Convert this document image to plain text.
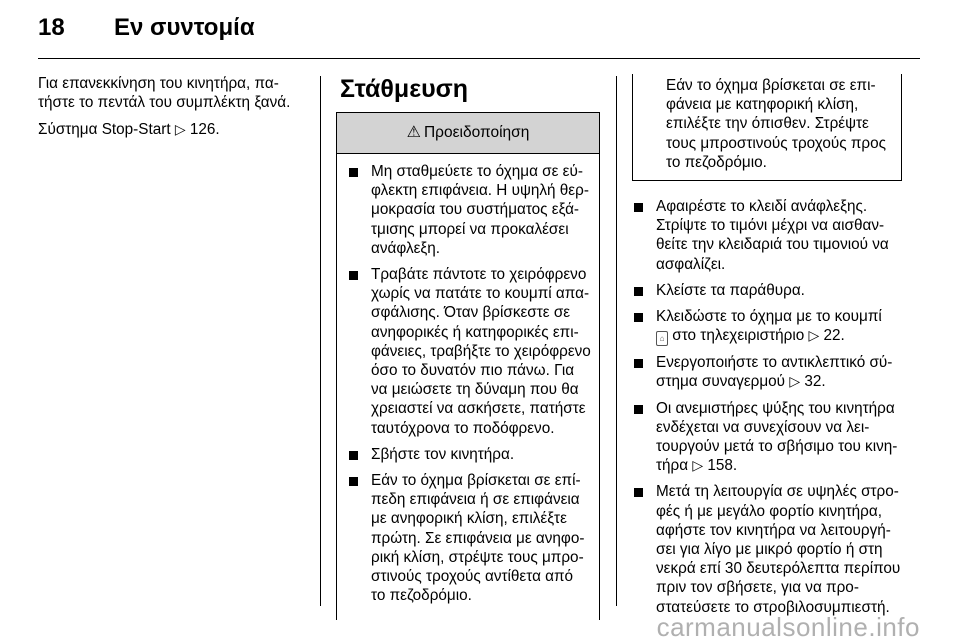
18	Εν συντομία

Για επανεκκίνηση του κινητήρα, πατήστε το πεντάλ του συμπλέκτη ξανά.

Σύστημα Stop-Start ▷ 126.

Στάθμευση
⚠ Προειδοποίηση
Μη σταθμεύετε το όχημα σε εύφλεκτη επιφάνεια. Η υψηλή θερμοκρασία του συστήματος εξάτμισης μπορεί να προκαλέσει ανάφλεξη.
Τραβάτε πάντοτε το χειρόφρενο χωρίς να πατάτε το κουμπί απασφάλισης. Όταν βρίσκεστε σε ανηφορικές ή κατηφορικές επιφάνειες, τραβήξτε το χειρόφρενο όσο το δυνατόν πιο πάνω. Για να μειώσετε τη δύναμη που θα χρειαστεί να ασκήσετε, πατήστε ταυτόχρονα το ποδόφρενο.
Σβήστε τον κινητήρα.
Εάν το όχημα βρίσκεται σε επίπεδη επιφάνεια ή σε επιφάνεια με ανηφορική κλίση, επιλέξτε πρώτη. Σε επιφάνεια με ανηφορική κλίση, στρέψτε τους μπροστινούς τροχούς αντίθετα από το πεζοδρόμιο.
Εάν το όχημα βρίσκεται σε επιφάνεια με κατηφορική κλίση, επιλέξτε την όπισθεν. Στρέψτε τους μπροστινούς τροχούς προς το πεζοδρόμιο.
Αφαιρέστε το κλειδί ανάφλεξης. Στρίψτε το τιμόνι μέχρι να αισθανθείτε την κλειδαριά του τιμονιού να ασφαλίζει.
Κλείστε τα παράθυρα.
Κλειδώστε το όχημα με το κουμπί
⌂ στο τηλεχειριστήριο ▷ 22.
Ενεργοποιήστε το αντικλεπτικό σύστημα συναγερμού ▷ 32.
Οι ανεμιστήρες ψύξης του κινητήρα ενδέχεται να συνεχίσουν να λειτουργούν μετά το σβήσιμο του κινητήρα ▷ 158.
Μετά τη λειτουργία σε υψηλές στροφές ή με μεγάλο φορτίο κινητήρα, αφήστε τον κινητήρα να λειτουργήσει για λίγο με μικρό φορτίο ή στη νεκρά επί 30 δευτερόλεπτα περίπου πριν τον σβήσετε, για να προστατεύσετε το στροβιλοσυμπιεστή.
carmanualsonline.info
